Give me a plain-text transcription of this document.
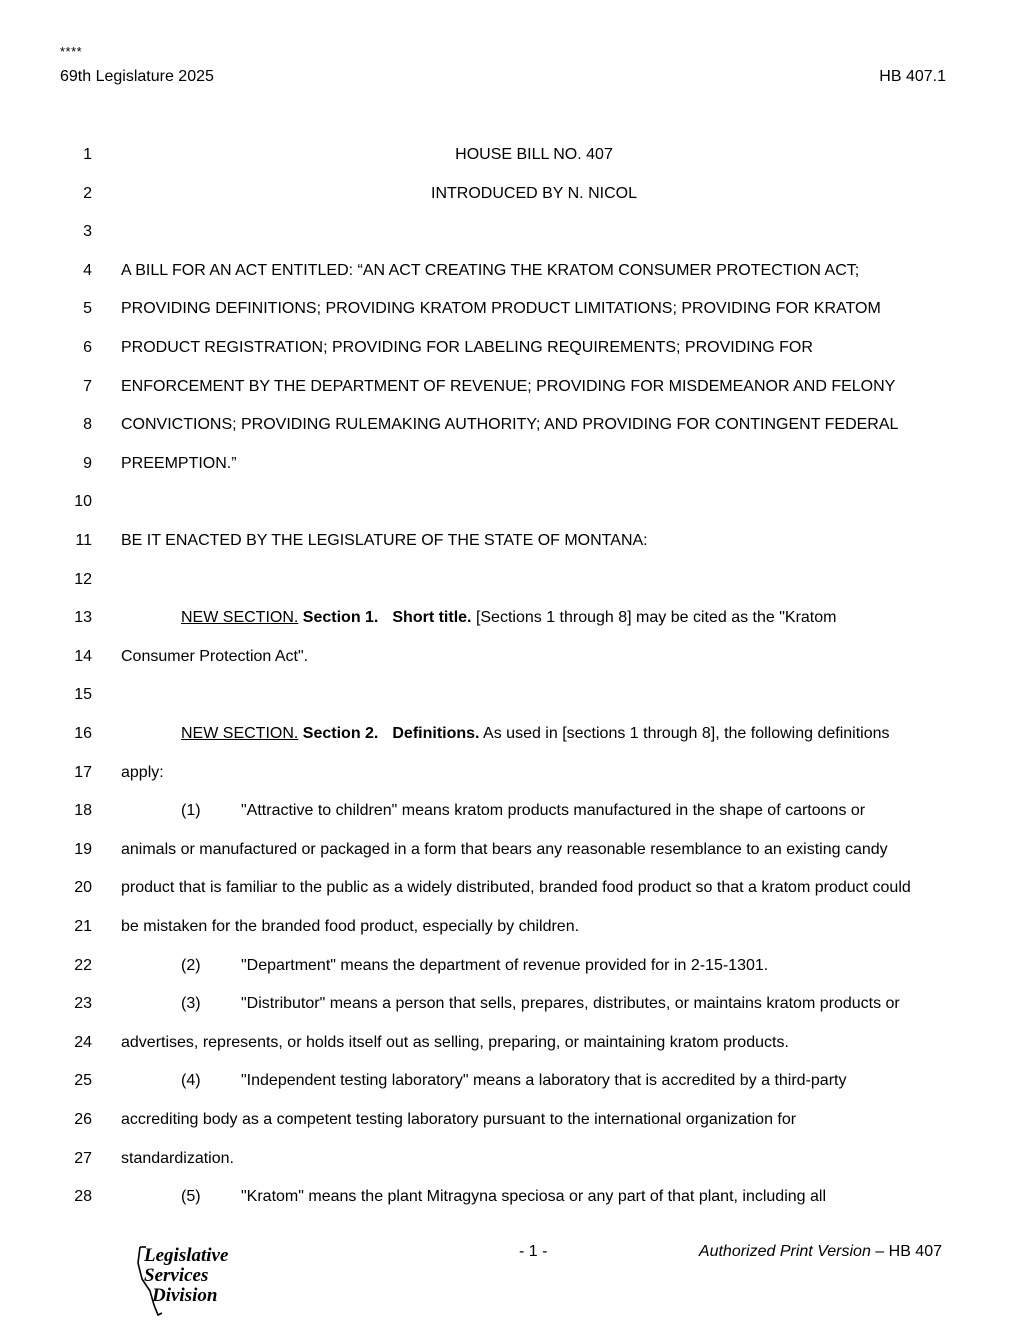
****
69th Legislature 2025	HB 407.1
1	HOUSE BILL NO. 407
2	INTRODUCED BY N. NICOL
3
4 A BILL FOR AN ACT ENTITLED: “AN ACT CREATING THE KRATOM CONSUMER PROTECTION ACT;
5 PROVIDING DEFINITIONS; PROVIDING KRATOM PRODUCT LIMITATIONS; PROVIDING FOR KRATOM
6 PRODUCT REGISTRATION; PROVIDING FOR LABELING REQUIREMENTS; PROVIDING FOR
7 ENFORCEMENT BY THE DEPARTMENT OF REVENUE; PROVIDING FOR MISDEMEANOR AND FELONY
8 CONVICTIONS; PROVIDING RULEMAKING AUTHORITY; AND PROVIDING FOR CONTINGENT FEDERAL
9 PREEMPTION.”
10
11 BE IT ENACTED BY THE LEGISLATURE OF THE STATE OF MONTANA:
12
13	NEW SECTION. Section 1. Short title. [Sections 1 through 8] may be cited as the "Kratom
14 Consumer Protection Act".
15
16	NEW SECTION. Section 2. Definitions. As used in [sections 1 through 8], the following definitions
17 apply:
18	(1)	"Attractive to children" means kratom products manufactured in the shape of cartoons or
19 animals or manufactured or packaged in a form that bears any reasonable resemblance to an existing candy
20 product that is familiar to the public as a widely distributed, branded food product so that a kratom product could
21 be mistaken for the branded food product, especially by children.
22	(2)	"Department" means the department of revenue provided for in 2-15-1301.
23	(3)	"Distributor" means a person that sells, prepares, distributes, or maintains kratom products or
24 advertises, represents, or holds itself out as selling, preparing, or maintaining kratom products.
25	(4)	"Independent testing laboratory" means a laboratory that is accredited by a third-party
26 accrediting body as a competent testing laboratory pursuant to the international organization for
27 standardization.
28	(5)	"Kratom" means the plant Mitragyna speciosa or any part of that plant, including all
Legislative
Services
Division
- 1 -	Authorized Print Version – HB 407
